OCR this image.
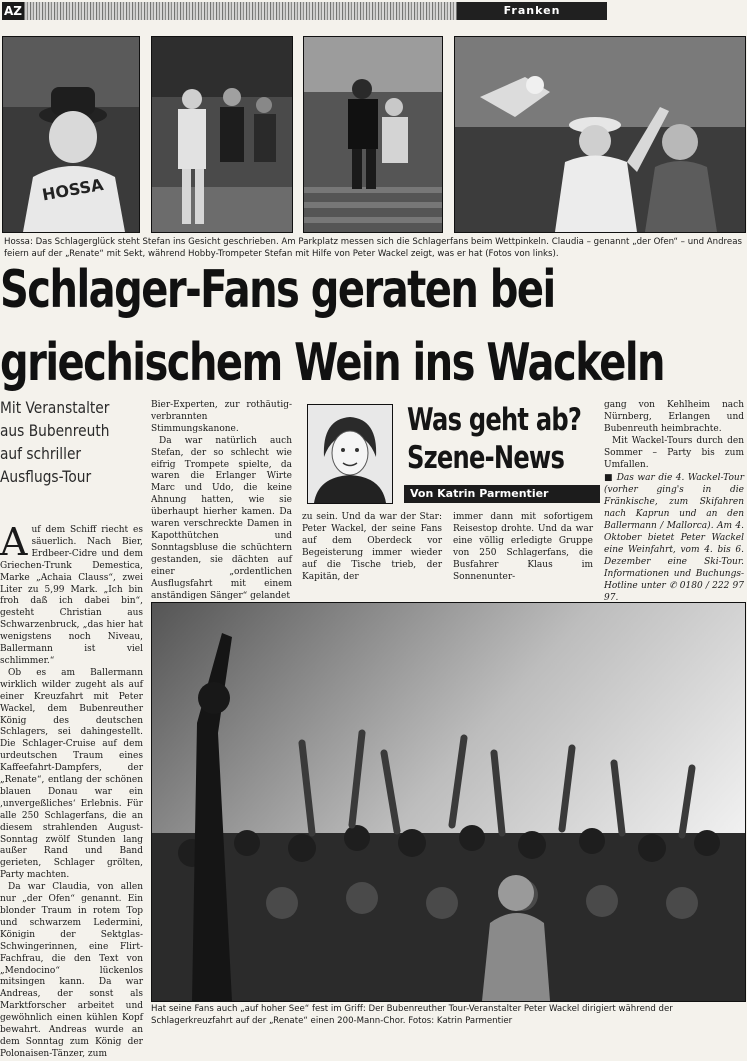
AZ	Franken
HOSSA
Hossa: Das Schlagerglück steht Stefan ins Gesicht geschrieben. Am Parkplatz messen sich die Schlagerfans beim Wettpinkeln. Claudia – genannt „der Ofen“ – und Andreas feiern auf der „Renate“ mit Sekt, während Hobby-Trompeter Stefan mit Hilfe von Peter Wackel zeigt, was er hat (Fotos von links).
Schlager-Fans geraten bei
griechischem Wein ins Wackeln
Mit Veranstalter
aus Bubenreuth
auf schriller
Ausflugs-Tour

Auf dem Schiff riecht es säuerlich. Nach Bier, Erdbeer-Cidre und dem Griechen-Trunk Demestica, Marke „Achaia Clauss“, zwei Liter zu 5,99 Mark. „Ich bin froh daß ich dabei bin“, gesteht Christian aus Schwarzenbruck, „das hier hat wenigstens noch Niveau, Ballermann ist viel schlimmer.“

Ob es am Ballermann wirklich wilder zugeht als auf einer Kreuzfahrt mit Peter Wackel, dem Bubenreuther König des deutschen Schlagers, sei dahingestellt. Die Schlager-Cruise auf dem urdeutschen Traum eines Kaffeefahrt-Dampfers, der „Renate“, entlang der schönen blauen Donau war ein ‚unvergeßliches‘ Erlebnis. Für alle 250 Schlagerfans, die an diesem strahlenden August-Sonntag zwölf Stunden lang außer Rand und Band gerieten, Schlager grölten, Party machten.

Da war Claudia, von allen nur „der Ofen“ genannt. Ein blonder Traum in rotem Top und schwarzem Ledermini, Königin der Sektglas-Schwingerinnen, eine Flirt-Fachfrau, die den Text von „Mendocino“ lückenlos mitsingen kann. Da war Andreas, der sonst als Marktforscher arbeitet und gewöhnlich einen kühlen Kopf bewahrt. Andreas wurde an dem Sonntag zum König der Polonaisen-Tänzer, zum

Bier-Experten, zur rothäutig-verbrannten Stimmungskanone.

Da war natürlich auch Stefan, der so schlecht wie eifrig Trompete spielte, da waren die Erlanger Wirte Marc und Udo, die keine Ahnung hatten, wie sie überhaupt hierher kamen. Da waren verschreckte Damen in Kapotthütchen und Sonntagsbluse die schüchtern gestanden, sie dächten auf einer „ordentlichen Ausflugsfahrt mit einem anständigen Sänger“ gelandet

Was geht ab?
Szene-News
Von Katrin Parmentier

zu sein. Und da war der Star: Peter Wackel, der seine Fans auf dem Oberdeck vor Begeisterung immer wieder auf die Tische trieb, der Kapitän, der

immer dann mit sofortigem Reisestop drohte. Und da war eine völlig erledigte Gruppe von 250 Schlagerfans, die Busfahrer Klaus im Sonnenunter-

gang von Kehlheim nach Nürnberg, Erlangen und Bubenreuth heimbrachte.

Mit Wackel-Tours durch den Sommer – Party bis zum Umfallen.

■ Das war die 4. Wackel-Tour (vorher ging's in die Fränkische, zum Skifahren nach Kaprun und an den Ballermann / Mallorca). Am 4. Oktober bietet Peter Wackel eine Weinfahrt, vom 4. bis 6. Dezember eine Ski-Tour. Informationen und Buchungs-Hotline unter ✆ 0180 / 222 97 97.

Hat seine Fans auch „auf hoher See“ fest im Griff: Der Bubenreuther Tour-Veranstalter Peter Wackel dirigiert während der Schlagerkreuzfahrt auf der „Renate“ einen 200-Mann-Chor. Fotos: Katrin Parmentier
